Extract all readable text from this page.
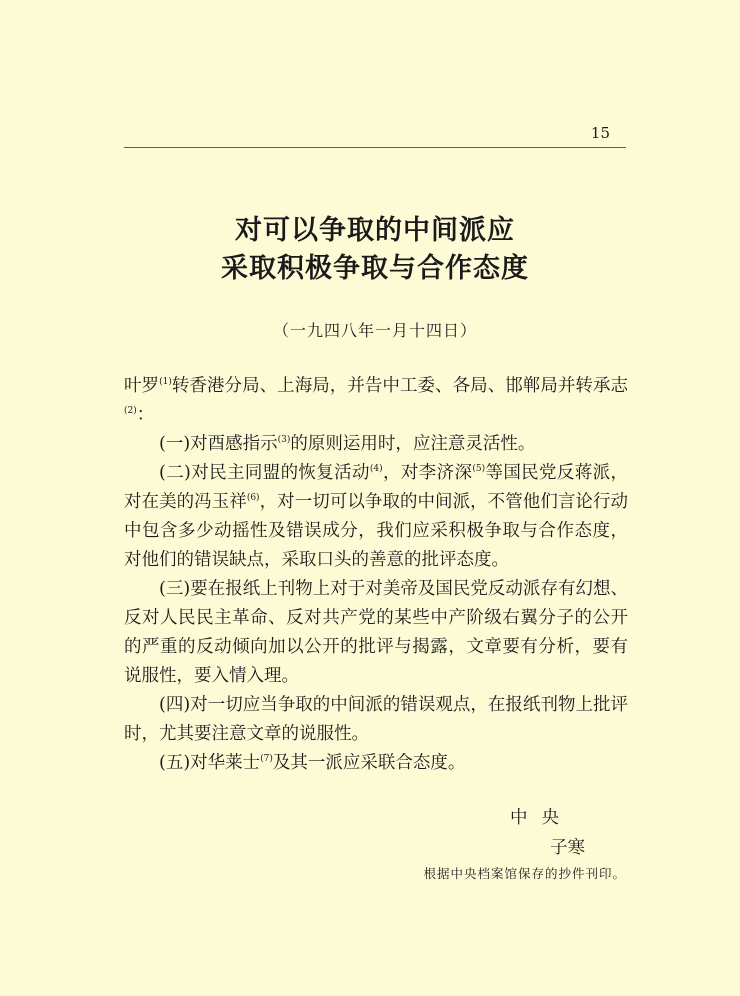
15
对可以争取的中间派应
采取积极争取与合作态度
（一九四八年一月十四日）

叶罗$^{(1)}$转香港分局、上海局，并告中工委、各局、邯郸局并转承志$^{(2)}$：

(一)对酉感指示$^{(3)}$的原则运用时，应注意灵活性。

(二)对民主同盟的恢复活动$^{(4)}$，对李济深$^{(5)}$等国民党反蒋派，对在美的冯玉祥$^{(6)}$，对一切可以争取的中间派，不管他们言论行动中包含多少动摇性及错误成分，我们应采积极争取与合作态度，对他们的错误缺点，采取口头的善意的批评态度。

(三)要在报纸上刊物上对于对美帝及国民党反动派存有幻想、反对人民民主革命、反对共产党的某些中产阶级右翼分子的公开的严重的反动倾向加以公开的批评与揭露，文章要有分析，要有说服性，要入情入理。

(四)对一切应当争取的中间派的错误观点，在报纸刊物上批评时，尤其要注意文章的说服性。

(五)对华莱士$^{(7)}$及其一派应采联合态度。

中央
子寒
根据中央档案馆保存的抄件刊印。
